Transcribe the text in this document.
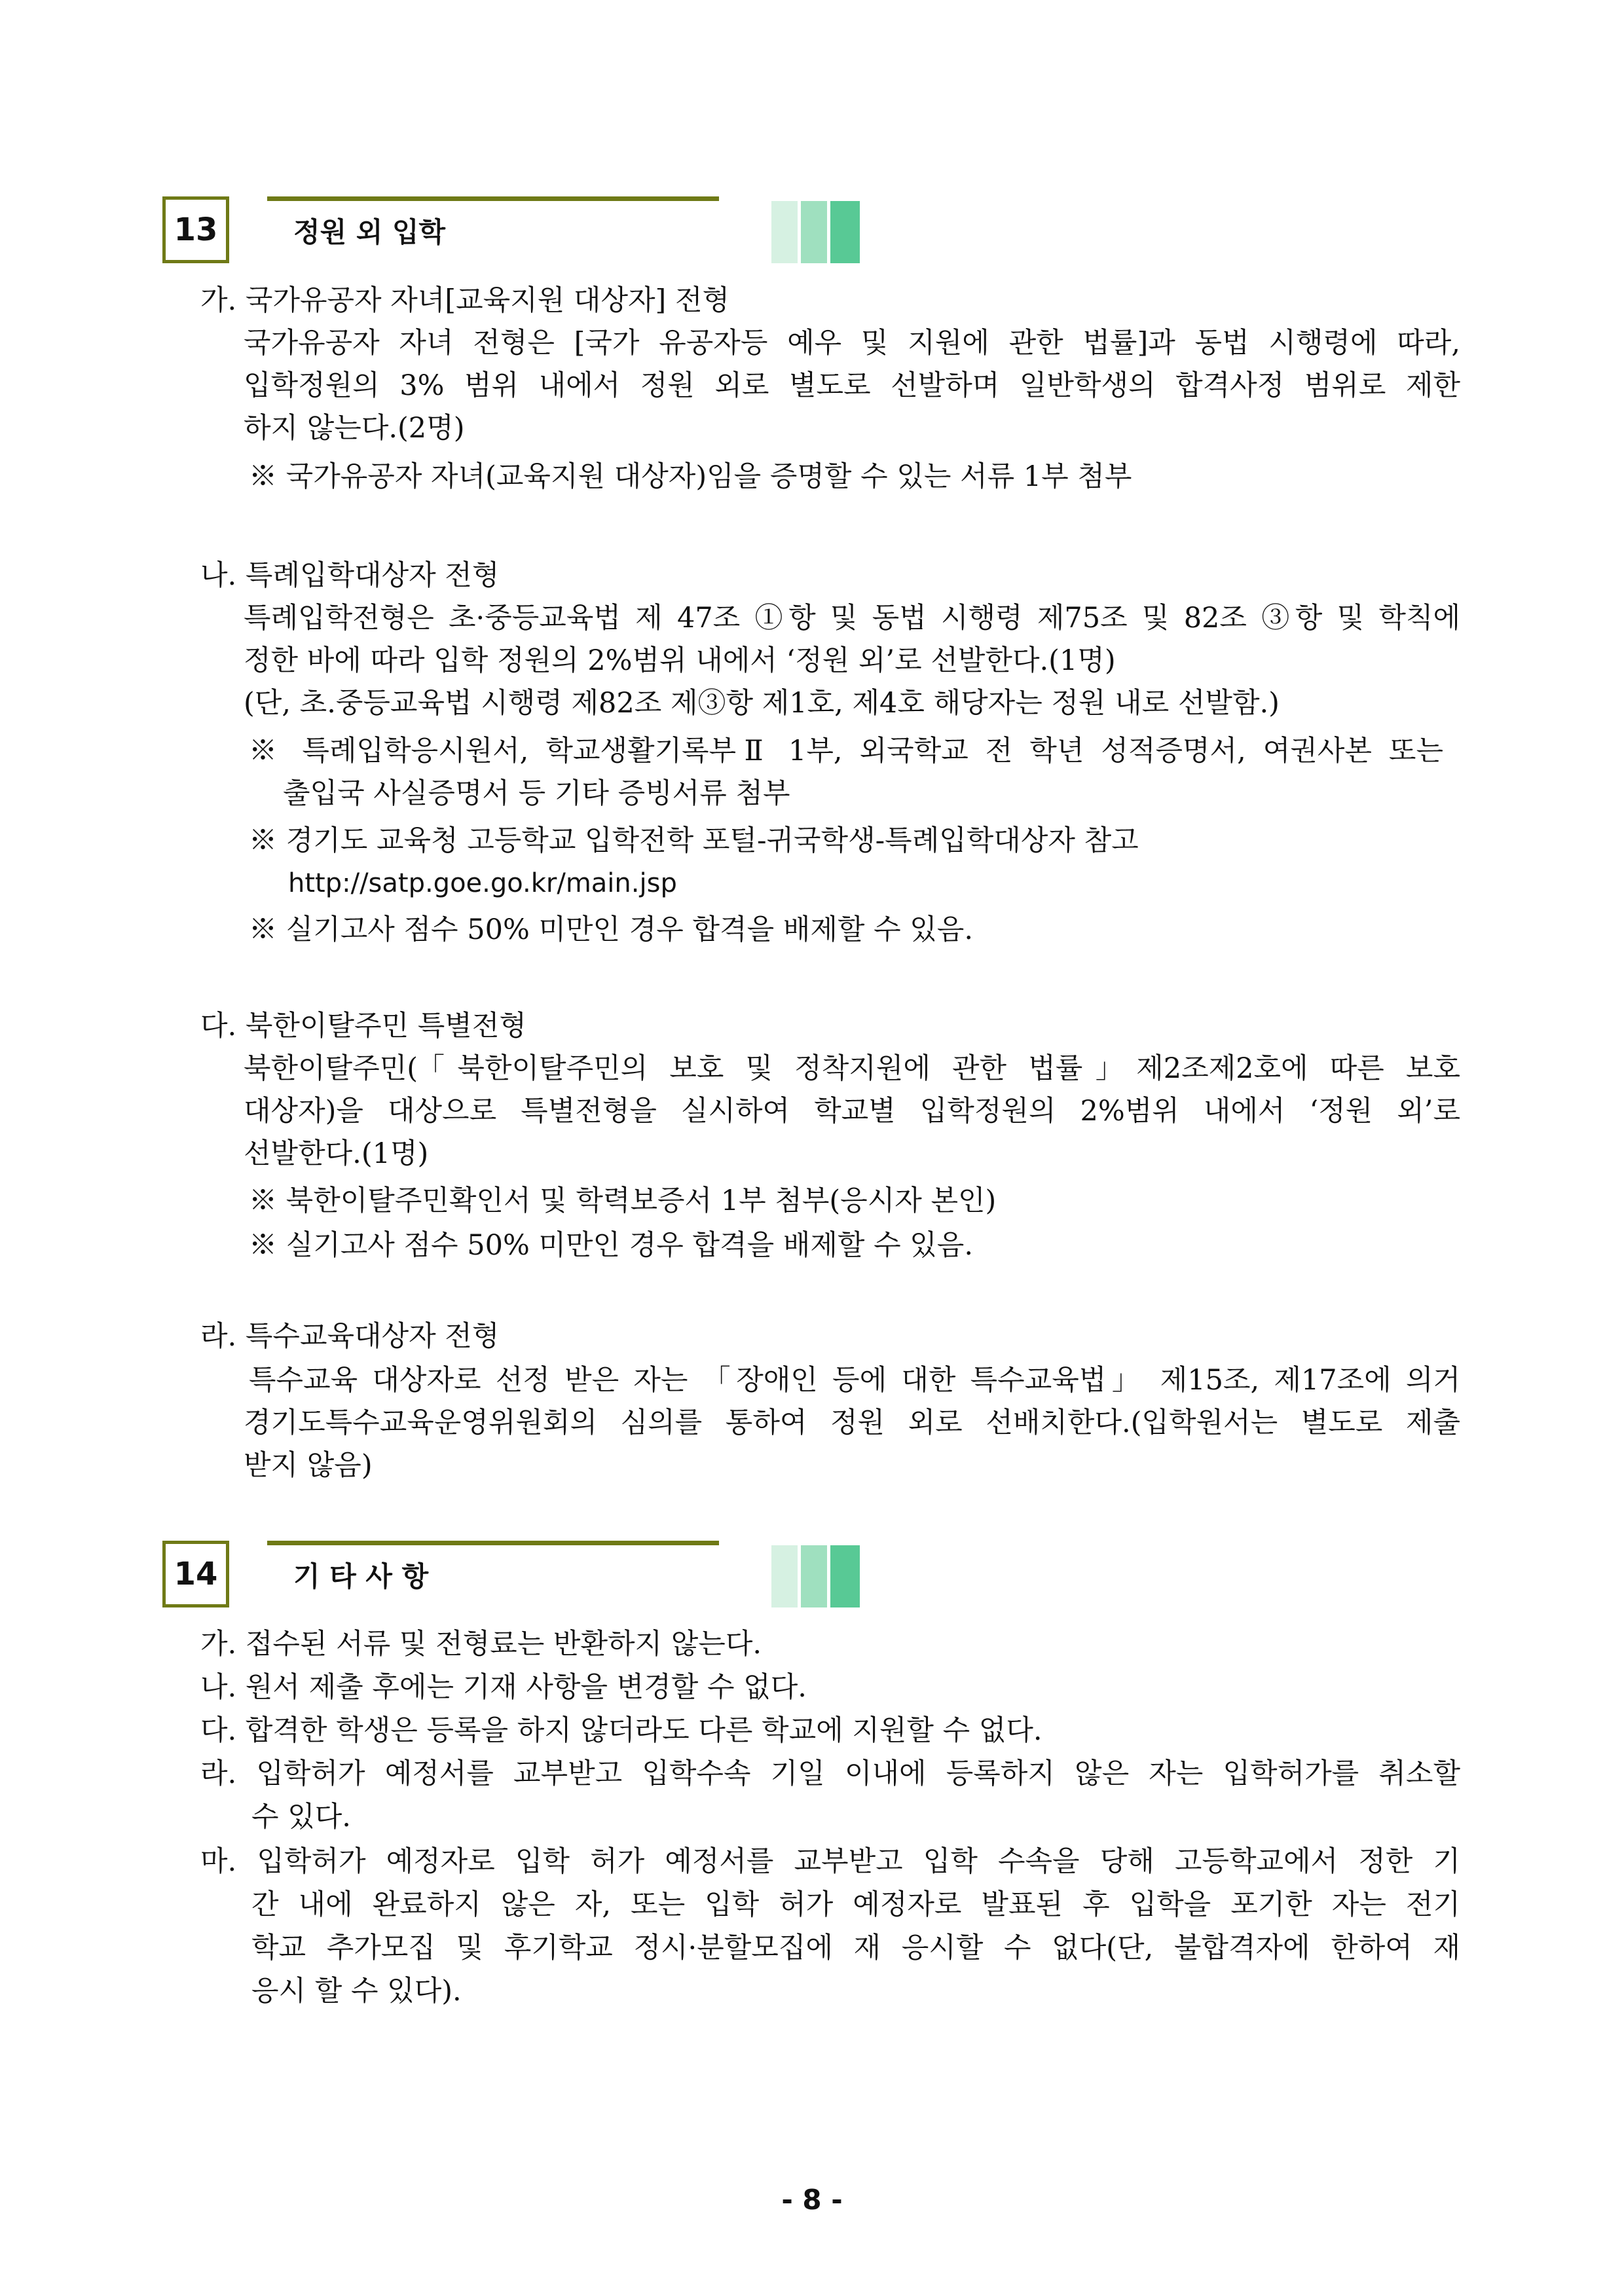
13	정원 외 입학
가. 국가유공자 자녀[교육지원 대상자] 전형
국가유공자 자녀 전형은 [국가 유공자등 예우 및 지원에 관한 법률]과 동법 시행령에 따라,
입학정원의 3% 범위 내에서 정원 외로 별도로 선발하며 일반학생의 합격사정 범위로 제한
하지 않는다.(2명)
※ 국가유공자 자녀(교육지원 대상자)임을 증명할 수 있는 서류 1부 첨부
나. 특례입학대상자 전형
특례입학전형은 초·중등교육법 제 47조 ①항 및 동법 시행령 제75조 및 82조 ③항 및 학칙에
정한 바에 따라 입학 정원의 2%범위 내에서 ‘정원 외’로 선발한다.(1명)
(단, 초.중등교육법 시행령 제82조 제③항 제1호, 제4호 해당자는 정원 내로 선발함.)
※ 특례입학응시원서, 학교생활기록부Ⅱ 1부, 외국학교 전 학년 성적증명서, 여권사본 또는
출입국 사실증명서 등 기타 증빙서류 첨부
※ 경기도 교육청 고등학교 입학전학 포털-귀국학생-특례입학대상자 참고
http://satp.goe.go.kr/main.jsp
※ 실기고사 점수 50% 미만인 경우 합격을 배제할 수 있음.
다. 북한이탈주민 특별전형
북한이탈주민(「북한이탈주민의 보호 및 정착지원에 관한 법률」제2조제2호에 따른 보호
대상자)을 대상으로 특별전형을 실시하여 학교별 입학정원의 2%범위 내에서 ‘정원 외’로
선발한다.(1명)
※ 북한이탈주민확인서 및 학력보증서 1부 첨부(응시자 본인)
※ 실기고사 점수 50% 미만인 경우 합격을 배제할 수 있음.
라. 특수교육대상자 전형
특수교육 대상자로 선정 받은 자는 「장애인 등에 대한 특수교육법」 제15조, 제17조에 의거
경기도특수교육운영위원회의 심의를 통하여 정원 외로 선배치한다.(입학원서는 별도로 제출
받지 않음)
14	기 타 사 항
가. 접수된 서류 및 전형료는 반환하지 않는다.
나. 원서 제출 후에는 기재 사항을 변경할 수 없다.
다. 합격한 학생은 등록을 하지 않더라도 다른 학교에 지원할 수 없다.
라. 입학허가 예정서를 교부받고 입학수속 기일 이내에 등록하지 않은 자는 입학허가를 취소할
수 있다.
마. 입학허가 예정자로 입학 허가 예정서를 교부받고 입학 수속을 당해 고등학교에서 정한 기
간 내에 완료하지 않은 자, 또는 입학 허가 예정자로 발표된 후 입학을 포기한 자는 전기
학교 추가모집 및 후기학교 정시·분할모집에 재 응시할 수 없다(단, 불합격자에 한하여 재
응시 할 수 있다).
- 8 -
